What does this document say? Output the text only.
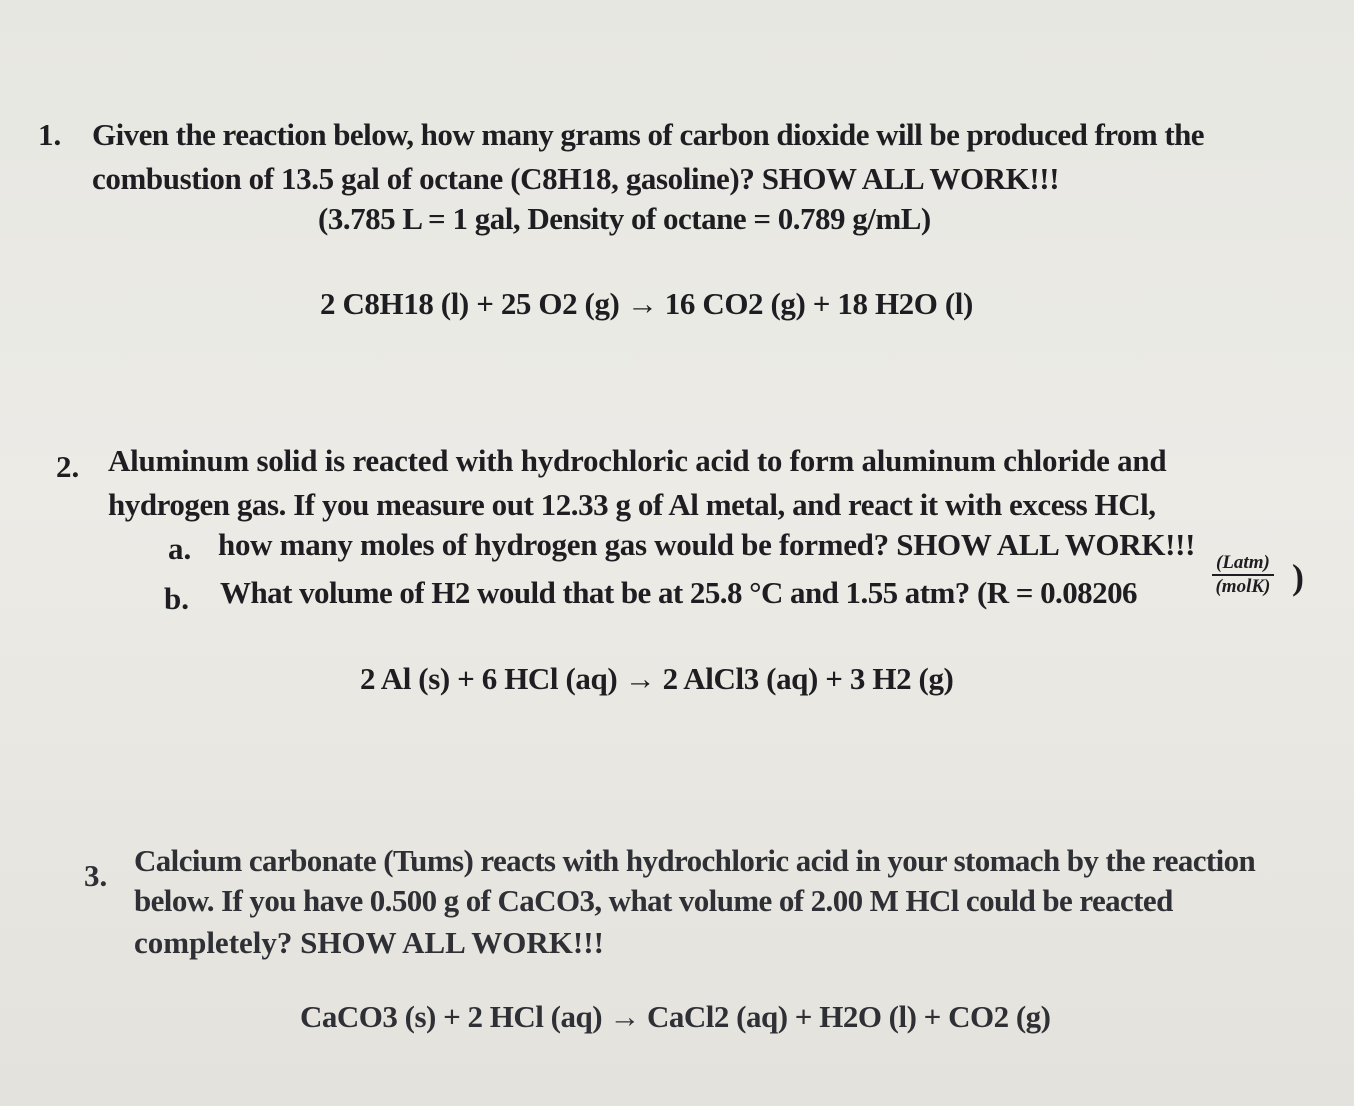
1. Given the reaction below, how many grams of carbon dioxide will be produced from the
combustion of 13.5 gal of octane (C8H18, gasoline)? SHOW ALL WORK!!!
(3.785 L = 1 gal, Density of octane = 0.789 g/mL)
2 C8H18 (l) + 25 O2 (g) → 16 CO2 (g) + 18 H2O (l)
2. Aluminum solid is reacted with hydrochloric acid to form aluminum chloride and
hydrogen gas. If you measure out 12.33 g of Al metal, and react it with excess HCl,
a. how many moles of hydrogen gas would be formed? SHOW ALL WORK!!!
b. What volume of H2 would that be at 25.8 °C and 1.55 atm? (R = 0.08206
(Latm)
(molK) )
2 Al (s) + 6 HCl (aq) → 2 AlCl3 (aq) + 3 H2 (g)
3. Calcium carbonate (Tums) reacts with hydrochloric acid in your stomach by the reaction
below. If you have 0.500 g of CaCO3, what volume of 2.00 M HCl could be reacted
completely? SHOW ALL WORK!!!
CaCO3 (s) + 2 HCl (aq) → CaCl2 (aq) + H2O (l) + CO2 (g)
